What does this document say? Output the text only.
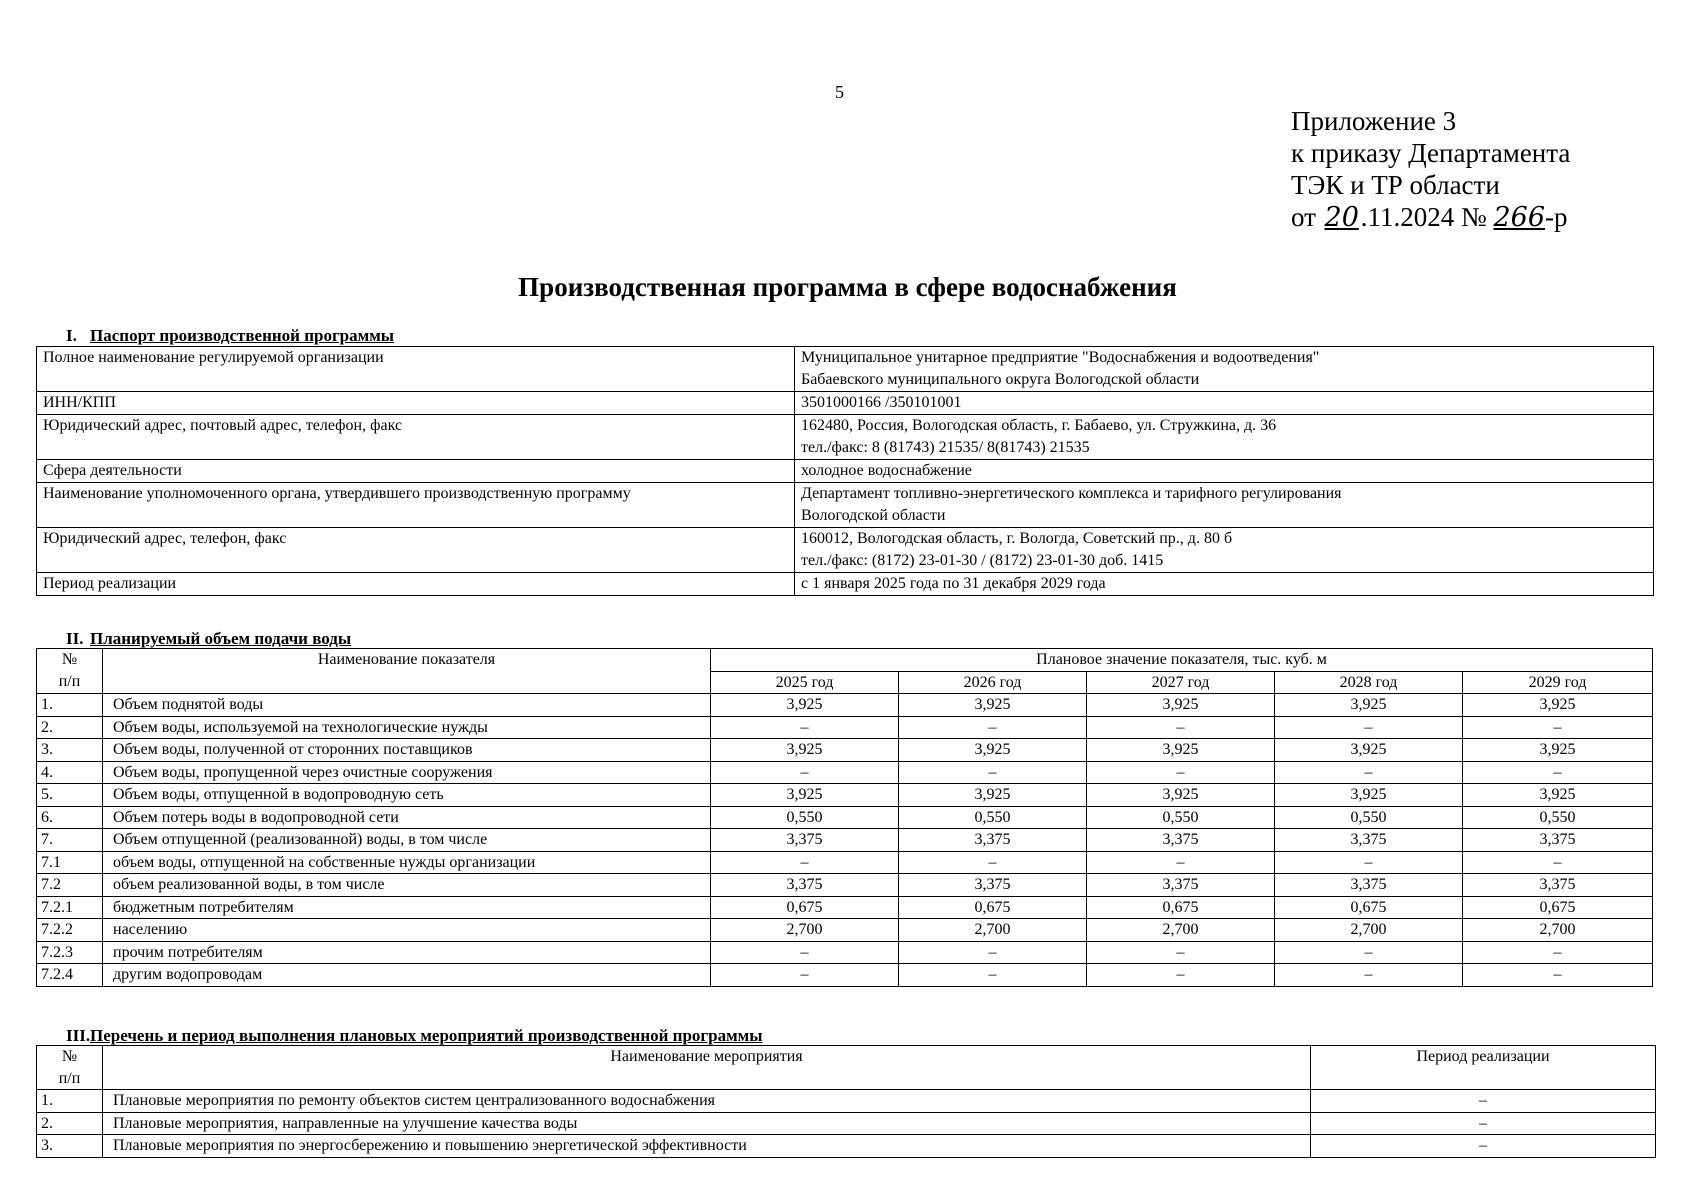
5
Приложение 3
к приказу Департамента
ТЭК и ТР области
от 20.11.2024 № 266-р
Производственная программа в сфере водоснабжения
I. Паспорт производственной программы
Полное наименование регулируемой организации	Муниципальное унитарное предприятие "Водоснабжения и водоотведения"
Бабаевского муниципального округа Вологодской области

ИНН/КПП	3501000166 /350101001

Юридический адрес, почтовый адрес, телефон, факс	162480, Россия, Вологодская область, г. Бабаево, ул. Стружкина, д. 36
тел./факс: 8 (81743) 21535/ 8(81743) 21535

Сфера деятельности	холодное водоснабжение

Наименование уполномоченного органа, утвердившего производственную программу	Департамент топливно-энергетического комплекса и тарифного регулирования
Вологодской области

Юридический адрес, телефон, факс	160012, Вологодская область, г. Вологда, Советский пр., д. 80 б
тел./факс: (8172) 23-01-30 / (8172) 23-01-30 доб. 1415

Период реализации	с 1 января 2025 года по 31 декабря 2029 года
II. Планируемый объем подачи воды
№
п/п	Наименование показателя	Плановое значение показателя, тыс. куб. м				
		2025 год	2026 год	2027 год	2028 год	2029 год
1.	Объем поднятой воды	3,925	3,925	3,925	3,925	3,925
2.	Объем воды, используемой на технологические нужды	–	–	–	–	–
3.	Объем воды, полученной от сторонних поставщиков	3,925	3,925	3,925	3,925	3,925
4.	Объем воды, пропущенной через очистные сооружения	–	–	–	–	–
5.	Объем воды, отпущенной в водопроводную сеть	3,925	3,925	3,925	3,925	3,925
6.	Объем потерь воды в водопроводной сети	0,550	0,550	0,550	0,550	0,550
7.	Объем отпущенной (реализованной) воды, в том числе	3,375	3,375	3,375	3,375	3,375
7.1	объем воды, отпущенной на собственные нужды организации	–	–	–	–	–
7.2	объем реализованной воды, в том числе	3,375	3,375	3,375	3,375	3,375
7.2.1	бюджетным потребителям	0,675	0,675	0,675	0,675	0,675
7.2.2	населению	2,700	2,700	2,700	2,700	2,700
7.2.3	прочим потребителям	–	–	–	–	–
7.2.4	другим водопроводам	–	–	–	–	–
III.Перечень и период выполнения плановых мероприятий производственной программы
№
п/п	Наименование мероприятия	Период реализации
1.	Плановые мероприятия по ремонту объектов систем централизованного водоснабжения	–
2.	Плановые мероприятия, направленные на улучшение качества воды	–
3.	Плановые мероприятия по энергосбережению и повышению энергетической эффективности	–
